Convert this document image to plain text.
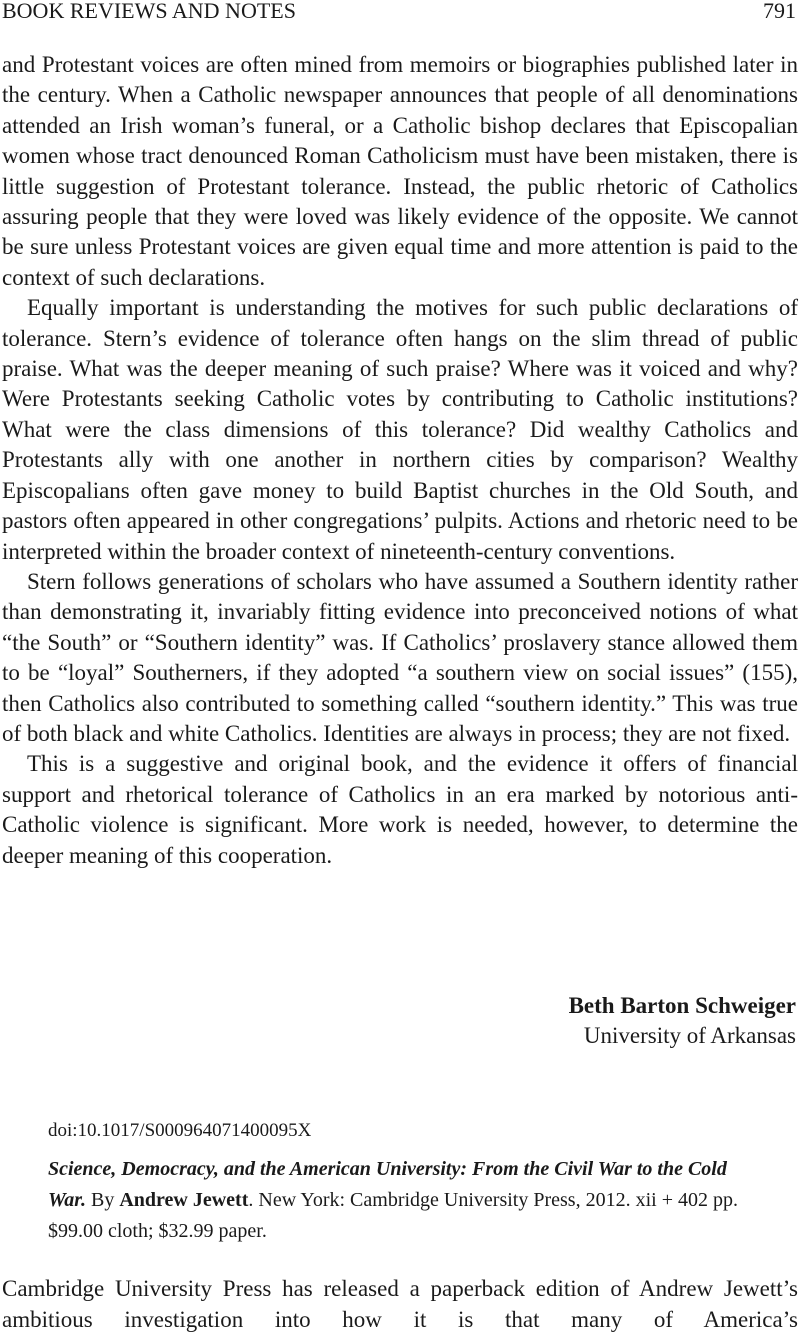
BOOK REVIEWS AND NOTES	791

and Protestant voices are often mined from memoirs or biographies published later in the century. When a Catholic newspaper announces that people of all denominations attended an Irish woman’s funeral, or a Catholic bishop declares that Episcopalian women whose tract denounced Roman Catholicism must have been mistaken, there is little suggestion of Protestant tolerance. Instead, the public rhetoric of Catholics assuring people that they were loved was likely evidence of the opposite. We cannot be sure unless Protestant voices are given equal time and more attention is paid to the context of such declarations.

Equally important is understanding the motives for such public declarations of tolerance. Stern’s evidence of tolerance often hangs on the slim thread of public praise. What was the deeper meaning of such praise? Where was it voiced and why? Were Protestants seeking Catholic votes by contributing to Catholic institutions? What were the class dimensions of this tolerance? Did wealthy Catholics and Protestants ally with one another in northern cities by comparison? Wealthy Episcopalians often gave money to build Baptist churches in the Old South, and pastors often appeared in other congregations’ pulpits. Actions and rhetoric need to be interpreted within the broader context of nineteenth-century conventions.

Stern follows generations of scholars who have assumed a Southern identity rather than demonstrating it, invariably fitting evidence into preconceived notions of what “the South” or “Southern identity” was. If Catholics’ proslavery stance allowed them to be “loyal” Southerners, if they adopted “a southern view on social issues” (155), then Catholics also contributed to something called “southern identity.” This was true of both black and white Catholics. Identities are always in process; they are not fixed.

This is a suggestive and original book, and the evidence it offers of financial support and rhetorical tolerance of Catholics in an era marked by notorious anti-Catholic violence is significant. More work is needed, however, to determine the deeper meaning of this cooperation.

Beth Barton Schweiger
University of Arkansas
doi:10.1017/S000964071400095X

Science, Democracy, and the American University: From the Civil War to the Cold War. By Andrew Jewett. New York: Cambridge University Press, 2012. xii + 402 pp. $99.00 cloth; $32.99 paper.

Cambridge University Press has released a paperback edition of Andrew Jewett’s ambitious investigation into how it is that many of America’s
